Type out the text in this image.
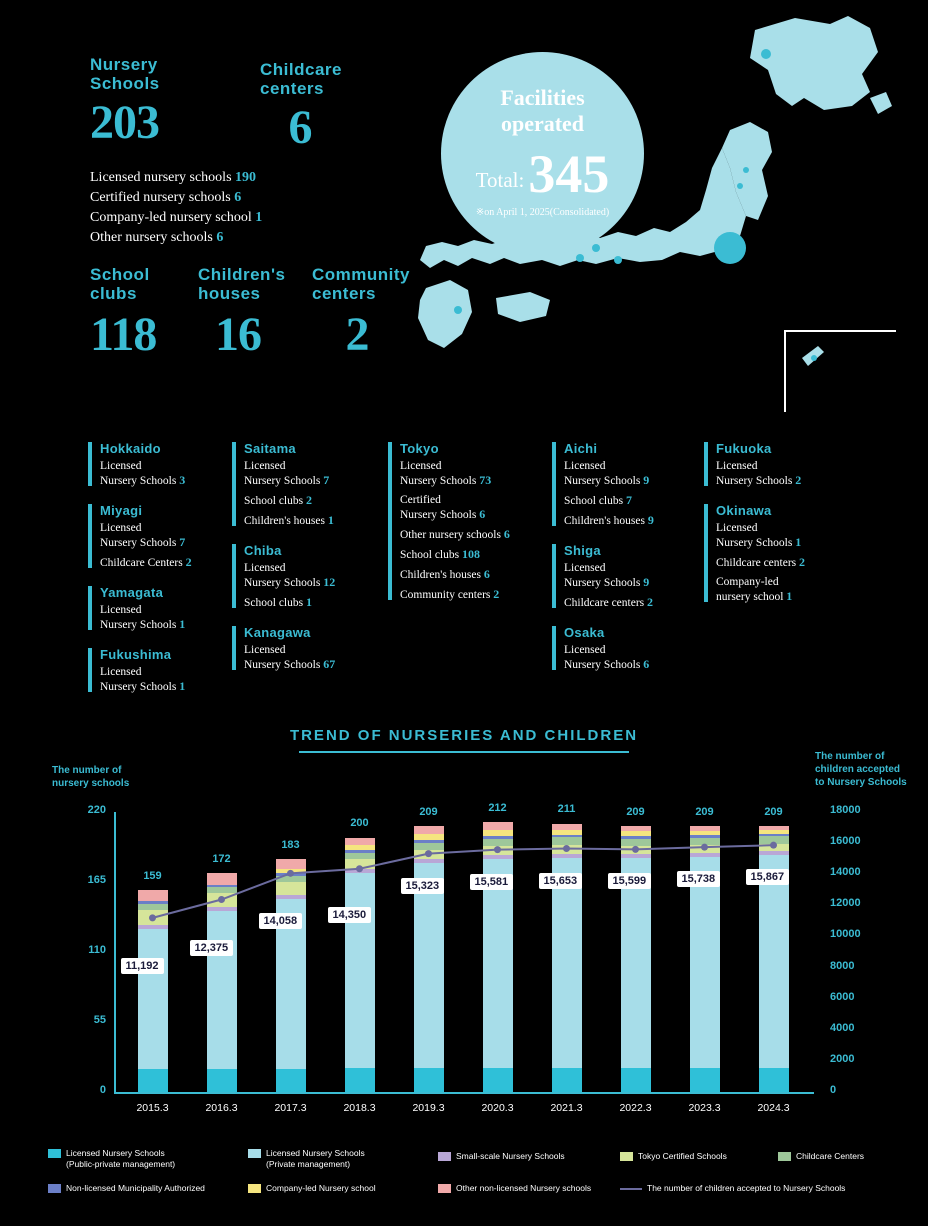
Nursery
Schools
203
Childcare
centers
6
Licensed nursery schools 190
Certified nursery schools 6
Company-led nursery school 1
Other nursery schools 6
School
clubs
118
Children's
houses
16
Community
centers
2
Facilities
operated
Total:345
※on April 1, 2025(Consolidated)
Hokkaido
Licensed
Nursery Schools 3
Miyagi
Licensed
Nursery Schools 7
Childcare Centers 2
Yamagata
Licensed
Nursery Schools 1
Fukushima
Licensed
Nursery Schools 1
Saitama
Licensed
Nursery Schools 7
School clubs 2
Children's houses 1
Chiba
Licensed
Nursery Schools 12
School clubs 1
Kanagawa
Licensed
Nursery Schools 67
Tokyo
Licensed
Nursery Schools 73
Certified
Nursery Schools 6
Other nursery schools 6
School clubs 108
Children's houses 6
Community centers 2
Aichi
Licensed
Nursery Schools 9
School clubs 7
Children's houses 9
Shiga
Licensed
Nursery Schools 9
Childcare centers 2
Osaka
Licensed
Nursery Schools 6
Fukuoka
Licensed
Nursery Schools 2
Okinawa
Licensed
Nursery Schools 1
Childcare centers 2
Company-led
nursery school 1
TREND OF NURSERIES AND CHILDREN
The number of
nursery schools
The number of
children accepted
to Nursery Schools
0
55
110
165
220
0
2000
4000
6000
8000
10000
12000
14000
16000
18000
159
2015.3
172
2016.3
183
2017.3
200
2018.3
209
2019.3
212
2020.3
211
2021.3
209
2022.3
209
2023.3
209
2024.3
11,192
12,375
14,058
14,350
15,323	15,581	15,653	15,599	15,738	15,867
Licensed Nursery Schools
(Public-private management)
Licensed Nursery Schools
(Private management)
Small-scale Nursery Schools	Tokyo Certified Schools	Childcare Centers
Non-licensed Municipality Authorized	Company-led Nursery school	Other non-licensed Nursery schools	The number of children accepted to Nursery Schools
